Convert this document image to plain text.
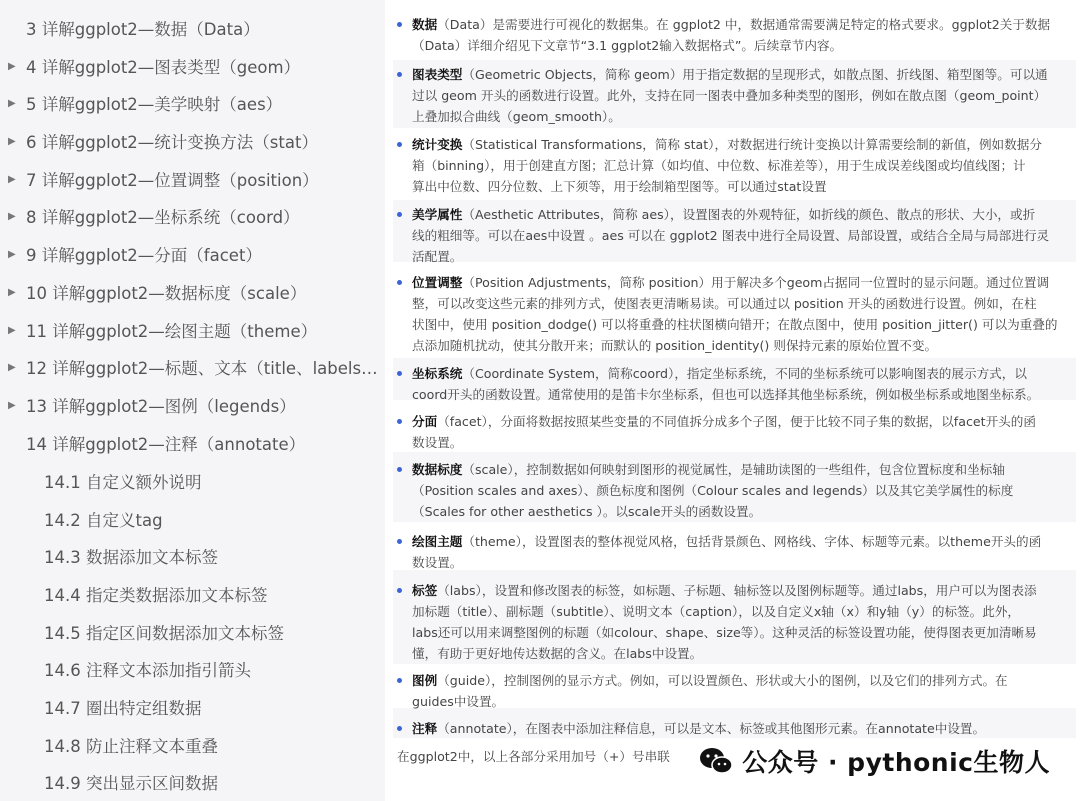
3 详解ggplot2—数据（Data）
▶ 4 详解ggplot2—图表类型（geom）
▶ 5 详解ggplot2—美学映射（aes）
▶ 6 详解ggplot2—统计变换方法（stat）
▶ 7 详解ggplot2—位置调整（position）
▶ 8 详解ggplot2—坐标系统（coord）
▶ 9 详解ggplot2—分面（facet）
▶ 10 详解ggplot2—数据标度（scale）
▶ 11 详解ggplot2—绘图主题（theme）
▶ 12 详解ggplot2—标题、文本（title、labels…
▶ 13 详解ggplot2—图例（legends）
14 详解ggplot2—注释（annotate）
14.1 自定义额外说明
14.2 自定义tag
14.3 数据添加文本标签
14.4 指定类数据添加文本标签
14.5 指定区间数据添加文本标签
14.6 注释文本添加指引箭头
14.7 圈出特定组数据
14.8 防止注释文本重叠
14.9 突出显示区间数据
数据（Data）是需要进行可视化的数据集。在 ggplot2 中，数据通常需要满足特定的格式要求。ggplot2关于数据
（Data）详细介绍见下文章节“3.1 ggplot2输入数据格式”。后续章节内容。
图表类型（Geometric Objects，简称 geom）用于指定数据的呈现形式，如散点图、折线图、箱型图等。可以通
过以 geom 开头的函数进行设置。此外，支持在同一图表中叠加多种类型的图形，例如在散点图（geom_point）
上叠加拟合曲线（geom_smooth）。
统计变换（Statistical Transformations，简称 stat），对数据进行统计变换以计算需要绘制的新值，例如数据分
箱（binning），用于创建直方图；汇总计算（如均值、中位数、标准差等），用于生成误差线图或均值线图；计
算出中位数、四分位数、上下须等，用于绘制箱型图等。可以通过stat设置
美学属性（Aesthetic Attributes，简称 aes），设置图表的外观特征，如折线的颜色、散点的形状、大小，或折
线的粗细等。可以在aes中设置 。aes 可以在 ggplot2 图表中进行全局设置、局部设置，或结合全局与局部进行灵
活配置。
位置调整（Position Adjustments，简称 position）用于解决多个geom占据同一位置时的显示问题。通过位置调
整，可以改变这些元素的排列方式，使图表更清晰易读。可以通过以 position 开头的函数进行设置。例如，在柱
状图中，使用 position_dodge() 可以将重叠的柱状图横向错开；在散点图中，使用 position_jitter() 可以为重叠的
点添加随机扰动，使其分散开来；而默认的 position_identity() 则保持元素的原始位置不变。
坐标系统（Coordinate System，简称coord），指定坐标系统，不同的坐标系统可以影响图表的展示方式，以
coord开头的函数设置。通常使用的是笛卡尔坐标系，但也可以选择其他坐标系统，例如极坐标系或地图坐标系。
分面（facet），分面将数据按照某些变量的不同值拆分成多个子图，便于比较不同子集的数据，以facet开头的函
数设置。
数据标度（scale），控制数据如何映射到图形的视觉属性，是辅助读图的一些组件，包含位置标度和坐标轴
（Position scales and axes）、颜色标度和图例（Colour scales and legends）以及其它美学属性的标度
（Scales for other aesthetics ）。以scale开头的函数设置。
绘图主题（theme），设置图表的整体视觉风格，包括背景颜色、网格线、字体、标题等元素。以theme开头的函
数设置。
标签（labs），设置和修改图表的标签，如标题、子标题、轴标签以及图例标题等。通过labs，用户可以为图表添
加标题（title）、副标题（subtitle）、说明文本（caption），以及自定义x轴（x）和y轴（y）的标签。此外，
labs还可以用来调整图例的标题（如colour、shape、size等）。这种灵活的标签设置功能，使得图表更加清晰易
懂，有助于更好地传达数据的含义。在labs中设置。
图例（guide），控制图例的显示方式。例如，可以设置颜色、形状或大小的图例，以及它们的排列方式。在
guides中设置。
注释（annotate），在图表中添加注释信息，可以是文本、标签或其他图形元素。在annotate中设置。
在ggplot2中，以上各部分采用加号（+）号串联	公众号 · pythonic生物人
